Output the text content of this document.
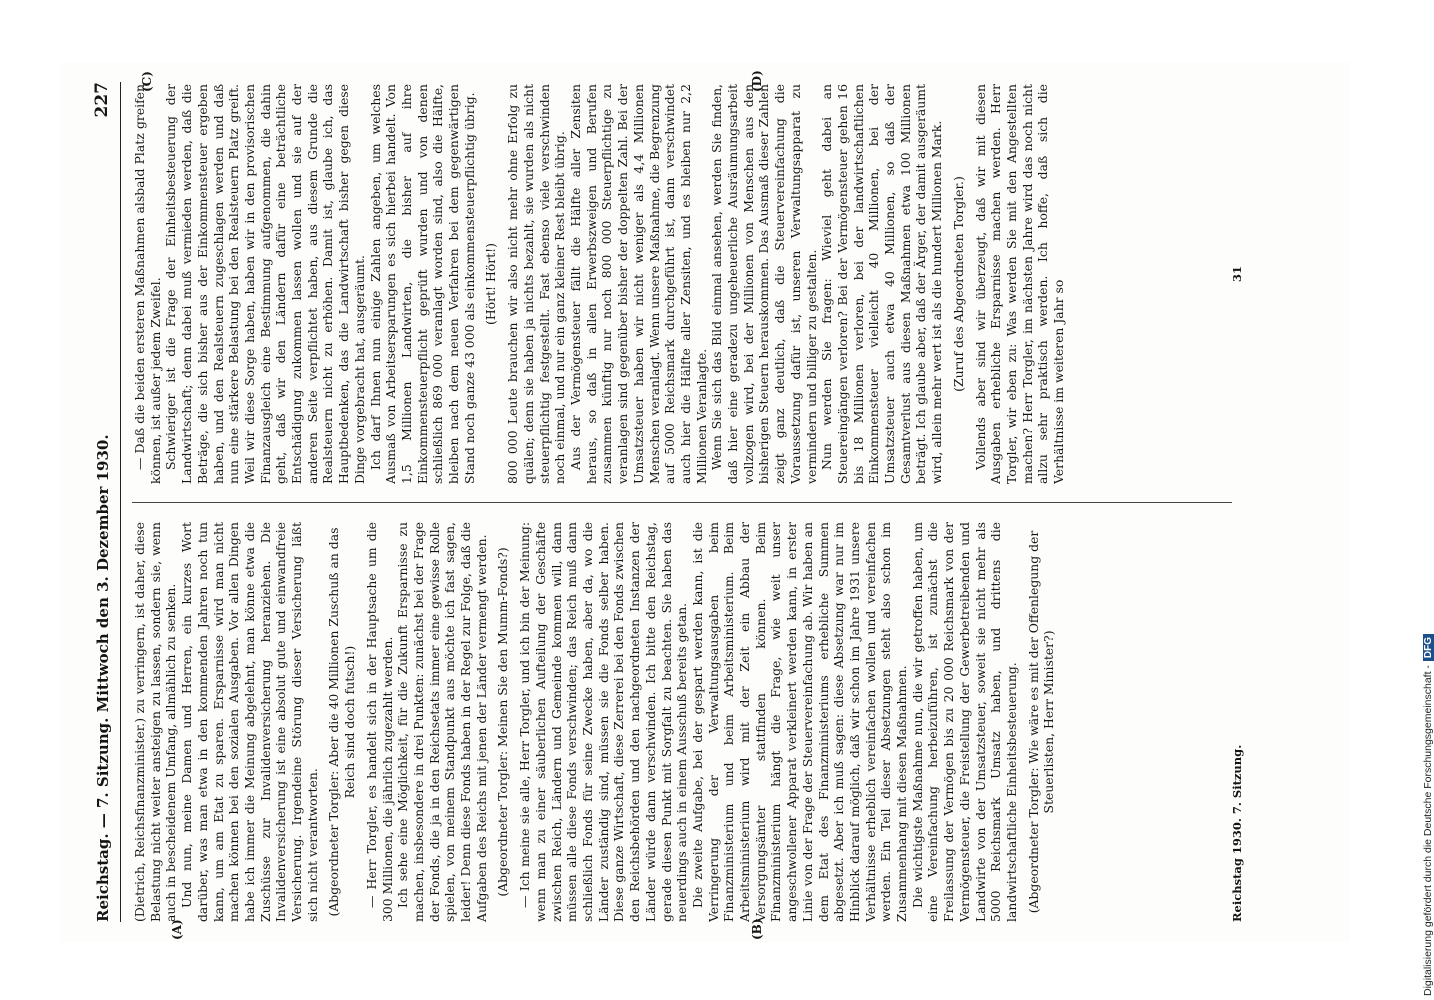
Reichstag. — 7. Sitzung. Mittwoch den 3. Dezember 1930.
227

(Dietrich, Reichsfinanzminister.) zu verringern, ist daher, diese Belastung nicht weiter ansteigen zu lassen, sondern sie, wenn auch in bescheidenem Umfang, allmählich zu senken. Und nun, meine Damen und Herren, ein kurzes Wort darüber, was man etwa in den kommenden Jahren noch tun kann, um am Etat zu sparen. Ersparnisse wird man nicht machen können bei den sozialen Ausgaben. Vor allen Dingen habe ich immer die Meinung abgelehnt, man könne etwa die Zuschüsse zur Invalidenversicherung heranziehen. Die Invalidenversicherung ist eine absolut gute und einwandfreie Versicherung. Irgendeine Störung dieser Versicherung läßt sich nicht verantworten. (Abgeordneter Torgler: Aber die 40 Millionen Zuschuß an das Reich sind doch futsch!) — Herr Torgler, es handelt sich in der Hauptsache um die 300 Millionen, die jährlich zugezahlt werden. Ich sehe eine Möglichkeit, für die Zukunft Ersparnisse zu machen, insbesondere in drei Punkten: zunächst bei der Frage der Fonds, die ja in den Reichsetats immer eine gewisse Rolle spielen, von meinem Standpunkt aus möchte ich fast sagen, leider! Denn diese Fonds haben in der Regel zur Folge, daß die Aufgaben des Reichs mit jenen der Länder vermengt werden. (Abgeordneter Torgler: Meinen Sie den Mumm-Fonds?) — Ich meine sie alle, Herr Torgler, und ich bin der Meinung: wenn man zu einer säuberlichen Aufteilung der Geschäfte zwischen Reich, Ländern und Gemeinde kommen will, dann müssen alle diese Fonds verschwinden; das Reich muß dann schließlich Fonds für seine Zwecke haben, aber da, wo die Länder zuständig sind, müssen sie die Fonds selber haben. Diese ganze Wirtschaft, diese Zerrerei bei den Fonds zwischen den Reichsbehörden und den nachgeordneten Instanzen der Länder würde dann verschwinden. Ich bitte den Reichstag, gerade diesen Punkt mit Sorgfalt zu beachten. Sie haben das neuerdings auch in einem Ausschuß bereits getan. Die zweite Aufgabe, bei der gespart werden kann, ist die Verringerung der Verwaltungsausgaben beim Finanzministerium und beim Arbeitsministerium. Beim Arbeitsministerium wird mit der Zeit ein Abbau der Versorgungsämter stattfinden können. Beim Finanzministerium hängt die Frage, wie weit unser angeschwollener Apparat verkleinert werden kann, in erster Linie von der Frage der Steuervereinfachung ab. Wir haben an dem Etat des Finanzministeriums erhebliche Summen abgesetzt. Aber ich muß sagen: diese Absetzung war nur im Hinblick darauf möglich, daß wir schon im Jahre 1931 unsere Verhältnisse erheblich vereinfachen wollen und vereinfachen werden. Ein Teil dieser Absetzungen steht also schon im Zusammenhang mit diesen Maßnahmen. Die wichtigste Maßnahme nun, die wir getroffen haben, um eine Vereinfachung herbeizuführen, ist zunächst die Freilassung der Vermögen bis zu 20 000 Reichsmark von der Vermögensteuer, die Freistellung der Gewerbetreibenden und Landwirte von der Umsatzsteuer, soweit sie nicht mehr als 5000 Reichsmark Umsatz haben, und drittens die landwirtschaftliche Einheitsbesteuerung. (Abgeordneter Torgler: Wie wäre es mit der Offenlegung der Steuerlisten, Herr Minister?)

— Daß die beiden ersteren Maßnahmen alsbald Platz greifen können, ist außer jedem Zweifel. Schwieriger ist die Frage der Einheitsbesteuerung der Landwirtschaft; denn dabei muß vermieden werden, daß die Beträge, die sich bisher aus der Einkommensteuer ergeben haben, und den Realsteuern zugeschlagen werden und daß nun eine stärkere Belastung bei den Realsteuern Platz greift. Weil wir diese Sorge haben, haben wir in den provisorischen Finanzausgleich eine Bestimmung aufgenommen, die dahin geht, daß wir den Ländern dafür eine beträchtliche Entschädigung zukommen lassen wollen und sie auf der anderen Seite verpflichtet haben, aus diesem Grunde die Realsteuern nicht zu erhöhen. Damit ist, glaube ich, das Hauptbedenken, das die Landwirtschaft bisher gegen diese Dinge vorgebracht hat, ausgeräumt. Ich darf Ihnen nun einige Zahlen angeben, um welches Ausmaß von Arbeitsersparungen es sich hierbei handelt. Von 1,5 Millionen Landwirten, die bisher auf ihre Einkommensteuerpflicht geprüft wurden und von denen schließlich 869 000 veranlagt worden sind, also die Hälfte, bleiben nach dem neuen Verfahren bei dem gegenwärtigen Stand noch ganze 43 000 als einkommensteuerpflichtig übrig. (Hört! Hört!) 800 000 Leute brauchen wir also nicht mehr ohne Erfolg zu quälen; denn sie haben ja nichts bezahlt, sie wurden als nicht steuerpflichtig festgestellt. Fast ebenso viele verschwinden noch einmal, und nur ein ganz kleiner Rest bleibt übrig. Aus der Vermögensteuer fällt die Hälfte aller Zensiten heraus, so daß in allen Erwerbszweigen und Berufen zusammen künftig nur noch 800 000 Steuerpflichtige zu veranlagen sind gegenüber bisher der doppelten Zahl. Bei der Umsatzsteuer haben wir nicht weniger als 4,4 Millionen Menschen veranlagt. Wenn unsere Maßnahme, die Begrenzung auf 5000 Reichsmark durchgeführt ist, dann verschwindet auch hier die Hälfte aller Zensiten, und es bleiben nur 2,2 Millionen Veranlagte. Wenn Sie sich das Bild einmal ansehen, werden Sie finden, daß hier eine geradezu ungeheuerliche Ausräumungsarbeit vollzogen wird, bei der Millionen von Menschen aus den bisherigen Steuern herauskommen. Das Ausmaß dieser Zahlen zeigt ganz deutlich, daß die Steuervereinfachung die Voraussetzung dafür ist, unseren Verwaltungsapparat zu vermindern und billiger zu gestalten. Nun werden Sie fragen: Wieviel geht dabei an Steuereingängen verloren? Bei der Vermögensteuer gehen 16 bis 18 Millionen verloren, bei der landwirtschaftlichen Einkommensteuer vielleicht 40 Millionen, bei der Umsatzsteuer auch etwa 40 Millionen, so daß der Gesamtverlust aus diesen Maßnahmen etwa 100 Millionen beträgt. Ich glaube aber, daß der Ärger, der damit ausgeräumt wird, allein mehr wert ist als die hundert Millionen Mark. (Zuruf des Abgeordneten Torgler.) Vollends aber sind wir überzeugt, daß wir mit diesen Ausgaben erhebliche Ersparnisse machen werden. Herr Torgler, wir eben zu: Was werden Sie mit den Angestellten machen? Herr Torgler, im nächsten Jahre wird das noch nicht allzu sehr praktisch werden. Ich hoffe, daß sich die Verhältnisse im weiteren Jahr so

(A)	(B)
(C)	(D)
Reichstag 1930. 7. Sitzung.
31
Digitalisierung gefördert durch die Deutsche Forschungsgemeinschaft -DFG
